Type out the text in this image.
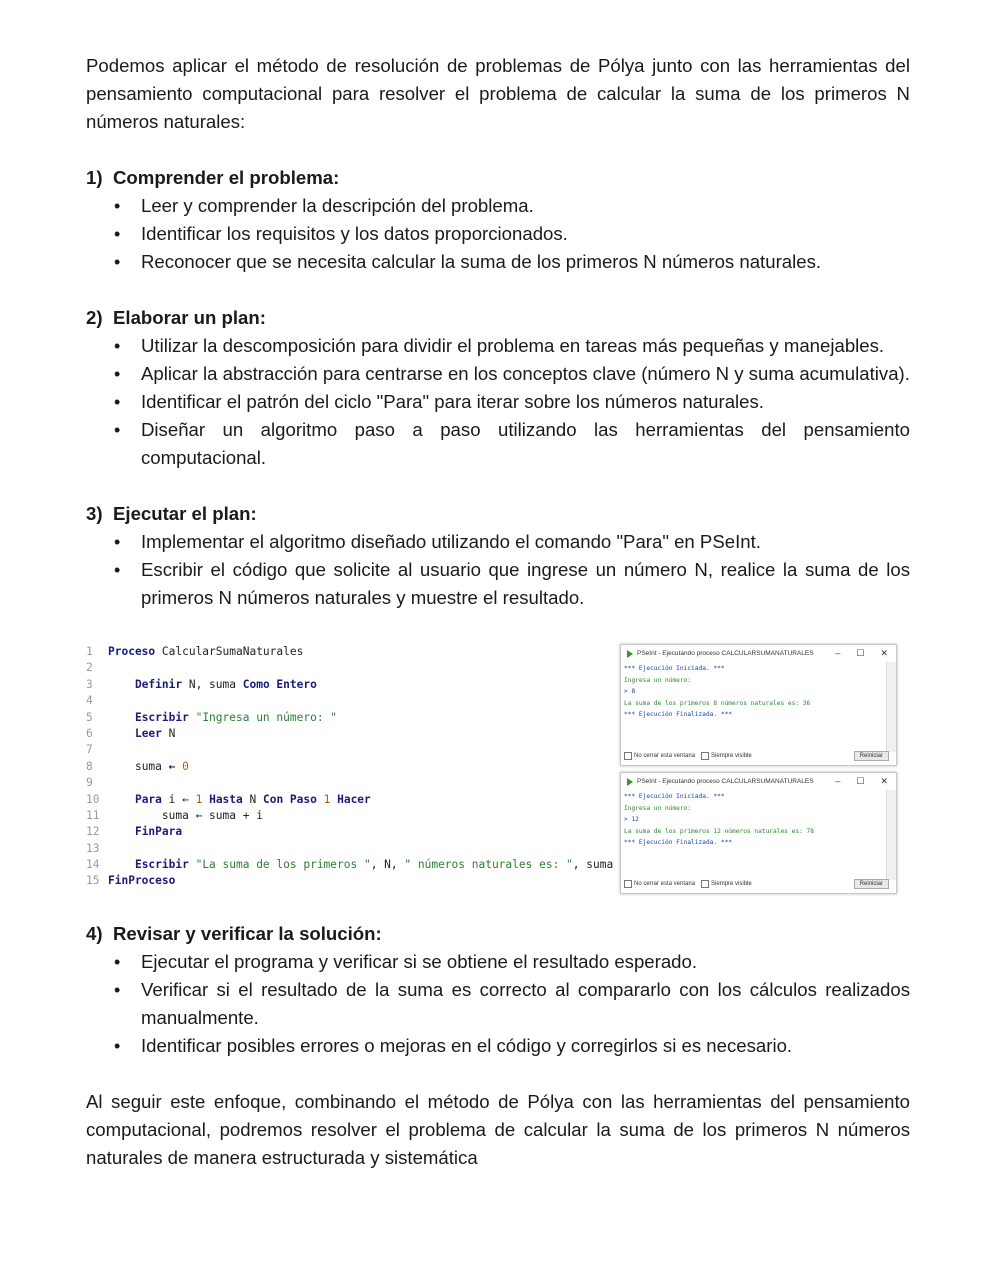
Podemos aplicar el método de resolución de problemas de Pólya junto con las herramientas del pensamiento computacional para resolver el problema de calcular la suma de los primeros N números naturales:

1) Comprender el problema:
• Leer y comprender la descripción del problema.
• Identificar los requisitos y los datos proporcionados.
• Reconocer que se necesita calcular la suma de los primeros N números naturales.
2) Elaborar un plan:
• Utilizar la descomposición para dividir el problema en tareas más pequeñas y manejables.
• Aplicar la abstracción para centrarse en los conceptos clave (número N y suma acumulativa).
• Identificar el patrón del ciclo "Para" para iterar sobre los números naturales.
• Diseñar un algoritmo paso a paso utilizando las herramientas del pensamiento computacional.
3) Ejecutar el plan:
• Implementar el algoritmo diseñado utilizando el comando "Para" en PSeInt.
• Escribir el código que solicite al usuario que ingrese un número N, realice la suma de los primeros N números naturales y muestre el resultado.
1 Proceso CalcularSumaNaturales
2
3	Definir N, suma Como Entero
4
5	Escribir "Ingresa un número: "
6	Leer N
7
8	suma ← 0
9
10	Para i ← 1 Hasta N Con Paso 1 Hacer
11	suma ← suma + i
12	FinPara
13
14	Escribir "La suma de los primeros ", N, " números naturales es: ", suma
15 FinProceso
PSeInt - Ejecutando proceso CALCULARSUMANATURALES – ☐ ✕
*** Ejecución Iniciada. ***
Ingresa un número:
> 8
La suma de los primeros 8 números naturales es: 36
*** Ejecución Finalizada. ***
No cerrar esta ventana	Siempre visible	Reiniciar
PSeInt - Ejecutando proceso CALCULARSUMANATURALES – ☐ ✕
*** Ejecución Iniciada. ***
Ingresa un número:
> 12
La suma de los primeros 12 números naturales es: 78
*** Ejecución Finalizada. ***
No cerrar esta ventana	Siempre visible	Reiniciar
4) Revisar y verificar la solución:
• Ejecutar el programa y verificar si se obtiene el resultado esperado.
• Verificar si el resultado de la suma es correcto al compararlo con los cálculos realizados manualmente.
• Identificar posibles errores o mejoras en el código y corregirlos si es necesario.

Al seguir este enfoque, combinando el método de Pólya con las herramientas del pensamiento computacional, podremos resolver el problema de calcular la suma de los primeros N números naturales de manera estructurada y sistemática
